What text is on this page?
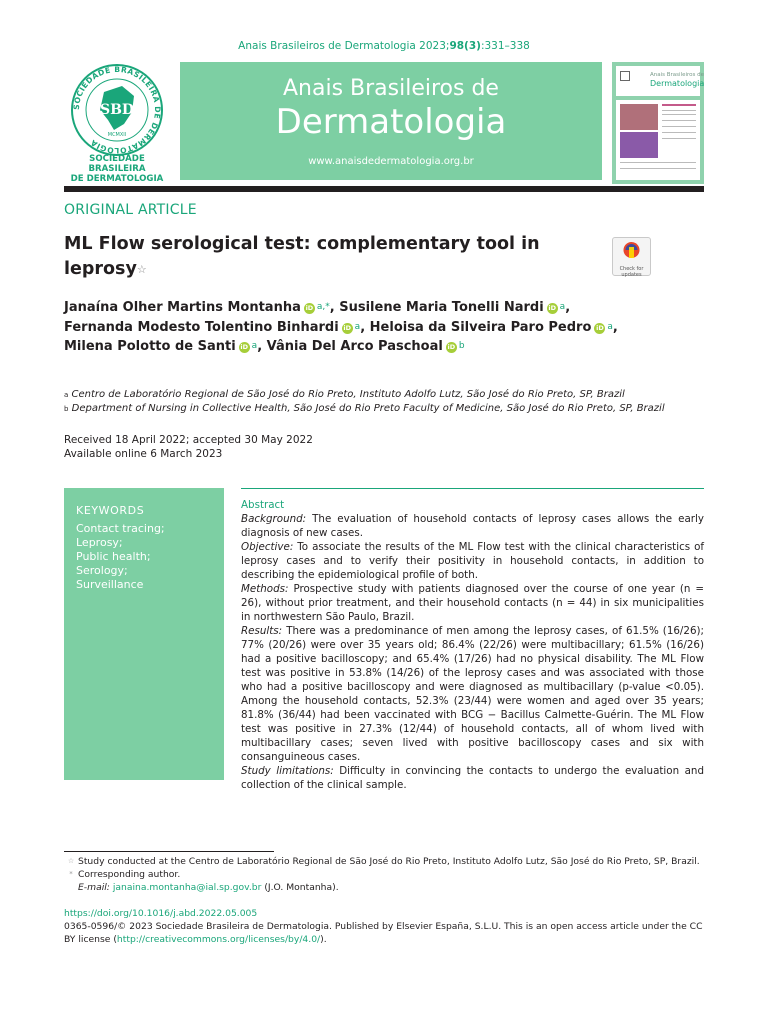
Anais Brasileiros de Dermatologia 2023;98(3):331–338
SOCIEDADE BRASILEIRA DE DERMATOLOGIA
SBD
MCMXII
SOCIEDADE BRASILEIRA
DE DERMATOLOGIA
Anais Brasileiros de
Dermatologia
www.anaisdedermatologia.org.br
Anais Brasileiros de
Dermatologia
ORIGINAL ARTICLE
ML Flow serological test: complementary tool in
leprosy☆	Check for
updates
Janaína Olher Martins Montanha iD $^{a,*}$, Susilene Maria Tonelli Nardi iD $^a$,
Fernanda Modesto Tolentino Binhardi iD $^a$, Heloisa da Silveira Paro Pedro iD $^a$,
Milena Polotto de Santi iD $^a$, Vânia Del Arco Paschoal iD $^b$
$^a$ Centro de Laboratório Regional de São José do Rio Preto, Instituto Adolfo Lutz, São José do Rio Preto, SP, Brazil
$^b$ Department of Nursing in Collective Health, São José do Rio Preto Faculty of Medicine, São José do Rio Preto, SP, Brazil
Received 18 April 2022; accepted 30 May 2022
Available online 6 March 2023
KEYWORDS
Contact tracing;
Leprosy;
Public health;
Serology;
Surveillance

Abstract

Background: The evaluation of household contacts of leprosy cases allows the early diagnosis of new cases.

Objective: To associate the results of the ML Flow test with the clinical characteristics of leprosy cases and to verify their positivity in household contacts, in addition to describing the epidemiological profile of both.

Methods: Prospective study with patients diagnosed over the course of one year (n = 26), without prior treatment, and their household contacts (n = 44) in six municipalities in northwestern São Paulo, Brazil.

Results: There was a predominance of men among the leprosy cases, of 61.5% (16/26); 77% (20/26) were over 35 years old; 86.4% (22/26) were multibacillary; 61.5% (16/26) had a positive bacilloscopy; and 65.4% (17/26) had no physical disability. The ML Flow test was positive in 53.8% (14/26) of the leprosy cases and was associated with those who had a positive bacilloscopy and were diagnosed as multibacillary (p-value <0.05). Among the household contacts, 52.3% (23/44) were women and aged over 35 years; 81.8% (36/44) had been vaccinated with BCG − Bacillus Calmette-Guérin. The ML Flow test was positive in 27.3% (12/44) of household contacts, all of whom lived with multibacillary cases; seven lived with positive bacilloscopy cases and six with consanguineous cases.

Study limitations: Difficulty in convincing the contacts to undergo the evaluation and collection of the clinical sample.

☆ Study conducted at the Centro de Laboratório Regional de São José do Rio Preto, Instituto Adolfo Lutz, São José do Rio Preto, SP, Brazil.
* Corresponding author.
E-mail: janaina.montanha@ial.sp.gov.br (J.O. Montanha).
https://doi.org/10.1016/j.abd.2022.05.005
0365-0596/© 2023 Sociedade Brasileira de Dermatologia. Published by Elsevier España, S.L.U. This is an open access article under the CC BY license (http://creativecommons.org/licenses/by/4.0/).
